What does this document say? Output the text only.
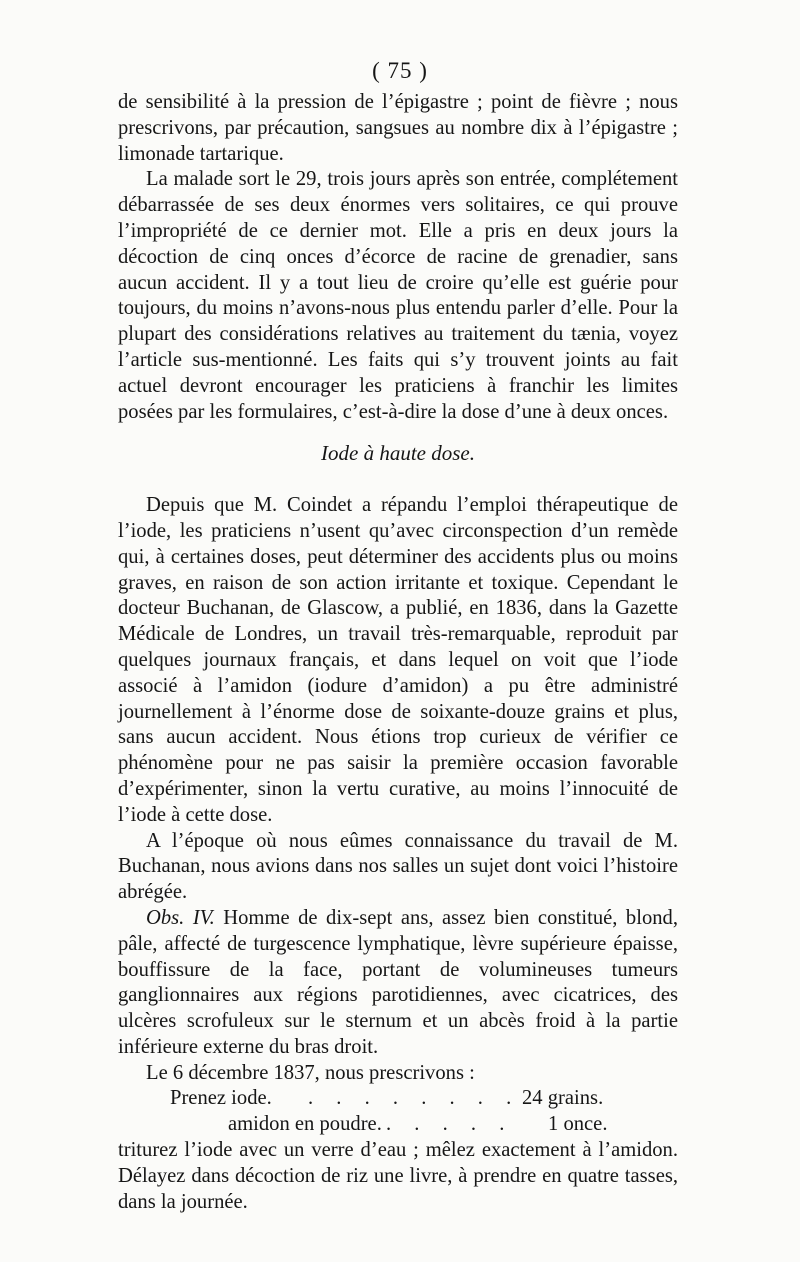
( 75 )

de sensibilité à la pression de l’épigastre ; point de fièvre ; nous prescrivons, par précaution, sangsues au nombre dix à l’épigastre ; limonade tartarique.

La malade sort le 29, trois jours après son entrée, complétement débarrassée de ses deux énormes vers solitaires, ce qui prouve l’impropriété de ce dernier mot. Elle a pris en deux jours la décoction de cinq onces d’écorce de racine de grenadier, sans aucun accident. Il y a tout lieu de croire qu’elle est guérie pour toujours, du moins n’avons-nous plus entendu parler d’elle. Pour la plupart des considérations relatives au traitement du tænia, voyez l’article sus-mentionné. Les faits qui s’y trouvent joints au fait actuel devront encourager les praticiens à franchir les limites posées par les formulaires, c’est-à-dire la dose d’une à deux onces.

Iode à haute dose.

Depuis que M. Coindet a répandu l’emploi thérapeutique de l’iode, les praticiens n’usent qu’avec circonspection d’un remède qui, à certaines doses, peut déterminer des accidents plus ou moins graves, en raison de son action irritante et toxique. Cependant le docteur Buchanan, de Glascow, a publié, en 1836, dans la Gazette Médicale de Londres, un travail très-remarquable, reproduit par quelques journaux français, et dans lequel on voit que l’iode associé à l’amidon (iodure d’amidon) a pu être administré journellement à l’énorme dose de soixante-douze grains et plus, sans aucun accident. Nous étions trop curieux de vérifier ce phénomène pour ne pas saisir la première occasion favorable d’expérimenter, sinon la vertu curative, au moins l’innocuité de l’iode à cette dose.

A l’époque où nous eûmes connaissance du travail de M. Buchanan, nous avions dans nos salles un sujet dont voici l’histoire abrégée.

Obs. IV. Homme de dix-sept ans, assez bien constitué, blond, pâle, affecté de turgescence lymphatique, lèvre supérieure épaisse, bouffissure de la face, portant de volumineuses tumeurs ganglionnaires aux régions parotidiennes, avec cicatrices, des ulcères scrofuleux sur le sternum et un abcès froid à la partie inférieure externe du bras droit.

Le 6 décembre 1837, nous prescrivons :

Prenez iode. . . . . . . . . 24 grains.
amidon en poudre. . . . . . 1 once.

triturez l’iode avec un verre d’eau ; mêlez exactement à l’amidon. Délayez dans décoction de riz une livre, à prendre en quatre tasses, dans la journée.
